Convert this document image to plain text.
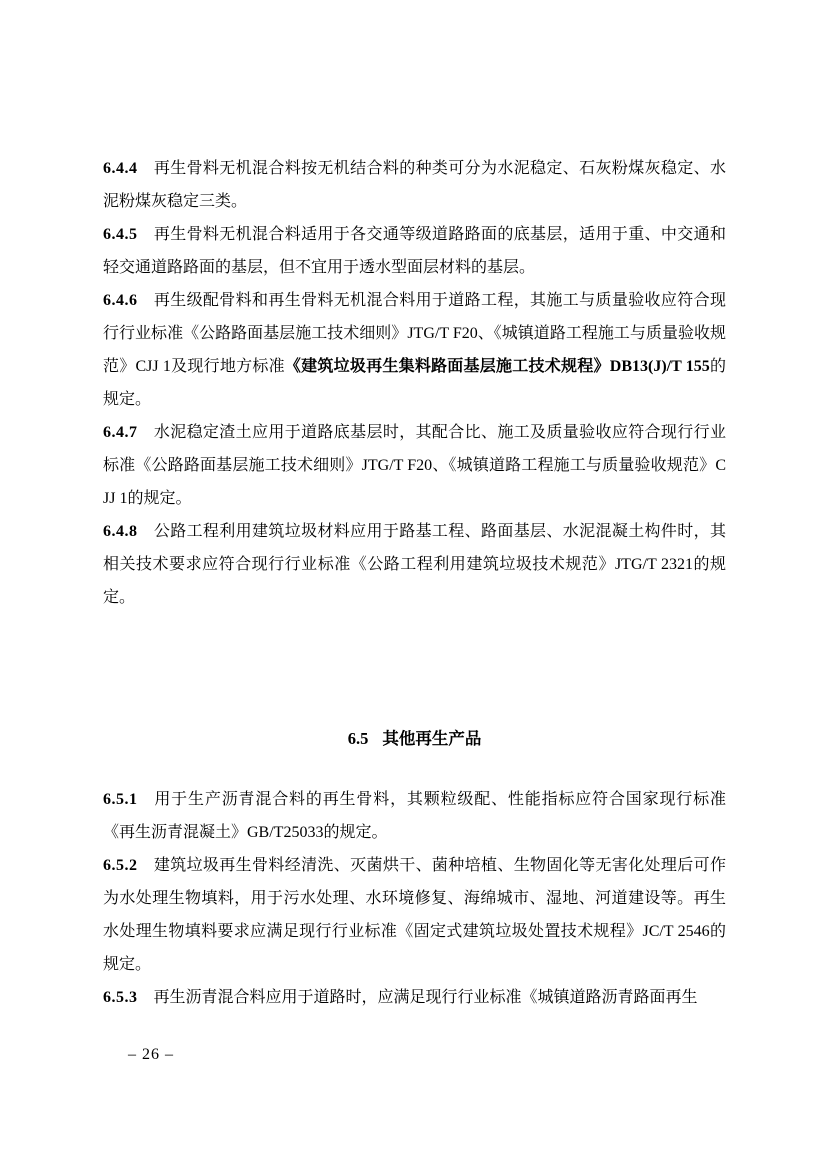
6.4.4 再生骨料无机混合料按无机结合料的种类可分为水泥稳定、石灰粉煤灰稳定、水泥粉煤灰稳定三类。

6.4.5 再生骨料无机混合料适用于各交通等级道路路面的底基层，适用于重、中交通和轻交通道路路面的基层，但不宜用于透水型面层材料的基层。

6.4.6 再生级配骨料和再生骨料无机混合料用于道路工程，其施工与质量验收应符合现行行业标准《公路路面基层施工技术细则》JTG/T F20、《城镇道路工程施工与质量验收规范》CJJ 1及现行地方标准《建筑垃圾再生集料路面基层施工技术规程》DB13(J)/T 155的规定。

6.4.7 水泥稳定渣土应用于道路底基层时，其配合比、施工及质量验收应符合现行行业标准《公路路面基层施工技术细则》JTG/T F20、《城镇道路工程施工与质量验收规范》CJJ 1的规定。

6.4.8 公路工程利用建筑垃圾材料应用于路基工程、路面基层、水泥混凝土构件时，其相关技术要求应符合现行行业标准《公路工程利用建筑垃圾技术规范》JTG/T 2321的规定。

6.5 其他再生产品

6.5.1 用于生产沥青混合料的再生骨料，其颗粒级配、性能指标应符合国家现行标准《再生沥青混凝土》GB/T25033的规定。

6.5.2 建筑垃圾再生骨料经清洗、灭菌烘干、菌种培植、生物固化等无害化处理后可作为水处理生物填料，用于污水处理、水环境修复、海绵城市、湿地、河道建设等。再生水处理生物填料要求应满足现行行业标准《固定式建筑垃圾处置技术规程》JC/T 2546的规定。

6.5.3 再生沥青混合料应用于道路时，应满足现行行业标准《城镇道路沥青路面再生

– 26 –
